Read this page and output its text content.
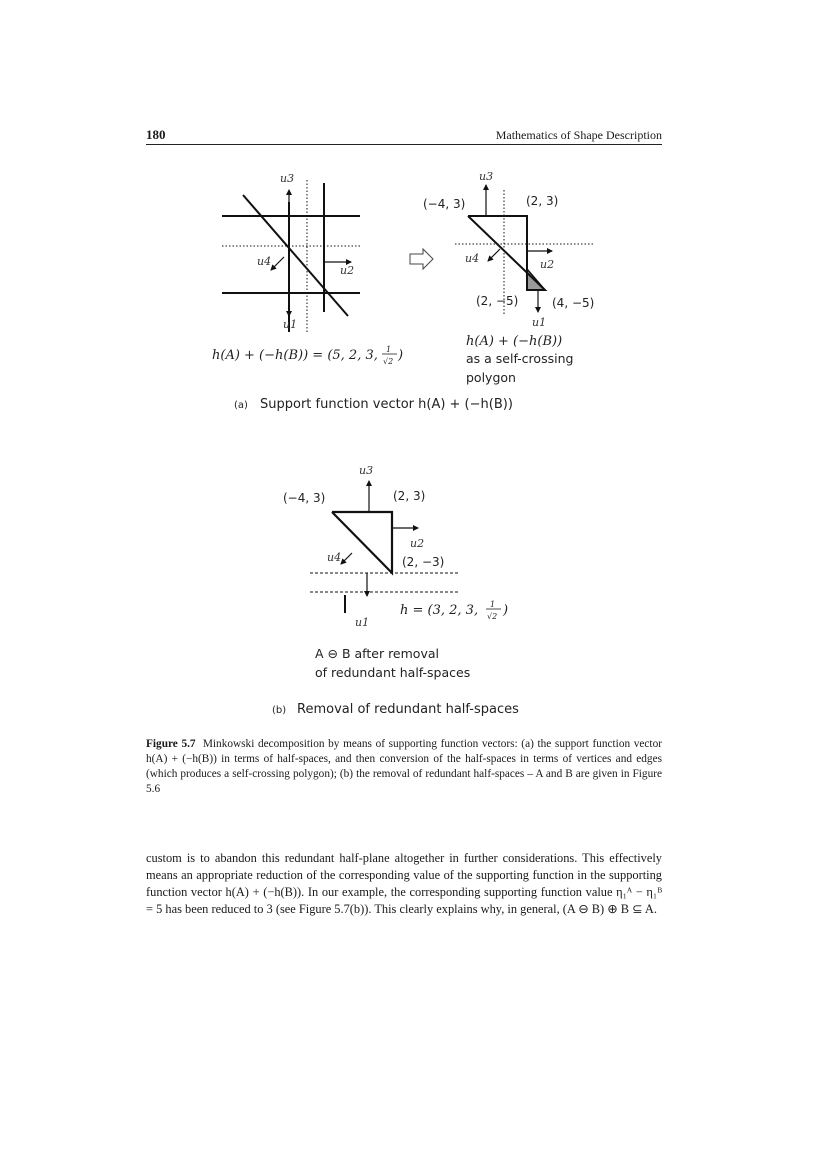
180	Mathematics of Shape Description
u3
u4
u2
u1
h(A) + (−h(B)) = (5, 2, 3, 1
√2 )
u3
u4	u2
u1
(−4, 3)	(2, 3)
(2, −5)	(4, −5)
h(A) + (−h(B))
as a self-crossing
polygon
(a) Support function vector h(A) + (−h(B))
u3
u2
u4
u1
(−4, 3)	(2, 3)
(2, −3)
h = (3, 2, 3, 1
√2 )
A ⊖ B after removal
of redundant half-spaces
(b) Removal of redundant half-spaces
Figure 5.7 Minkowski decomposition by means of supporting function vectors: (a) the support function vector h(A) + (−h(B)) in terms of half-spaces, and then conversion of the half-spaces in terms of vertices and edges (which produces a self-crossing polygon); (b) the removal of redundant half-spaces – A and B are given in Figure 5.6
custom is to abandon this redundant half-plane altogether in further considerations. This effectively means an appropriate reduction of the corresponding value of the supporting function in the supporting function vector h(A) + (−h(B)). In our example, the corresponding supporting function value η₁ᴬ − η₁ᴮ = 5 has been reduced to 3 (see Figure 5.7(b)). This clearly explains why, in general, (A ⊖ B) ⊕ B ⊆ A.
